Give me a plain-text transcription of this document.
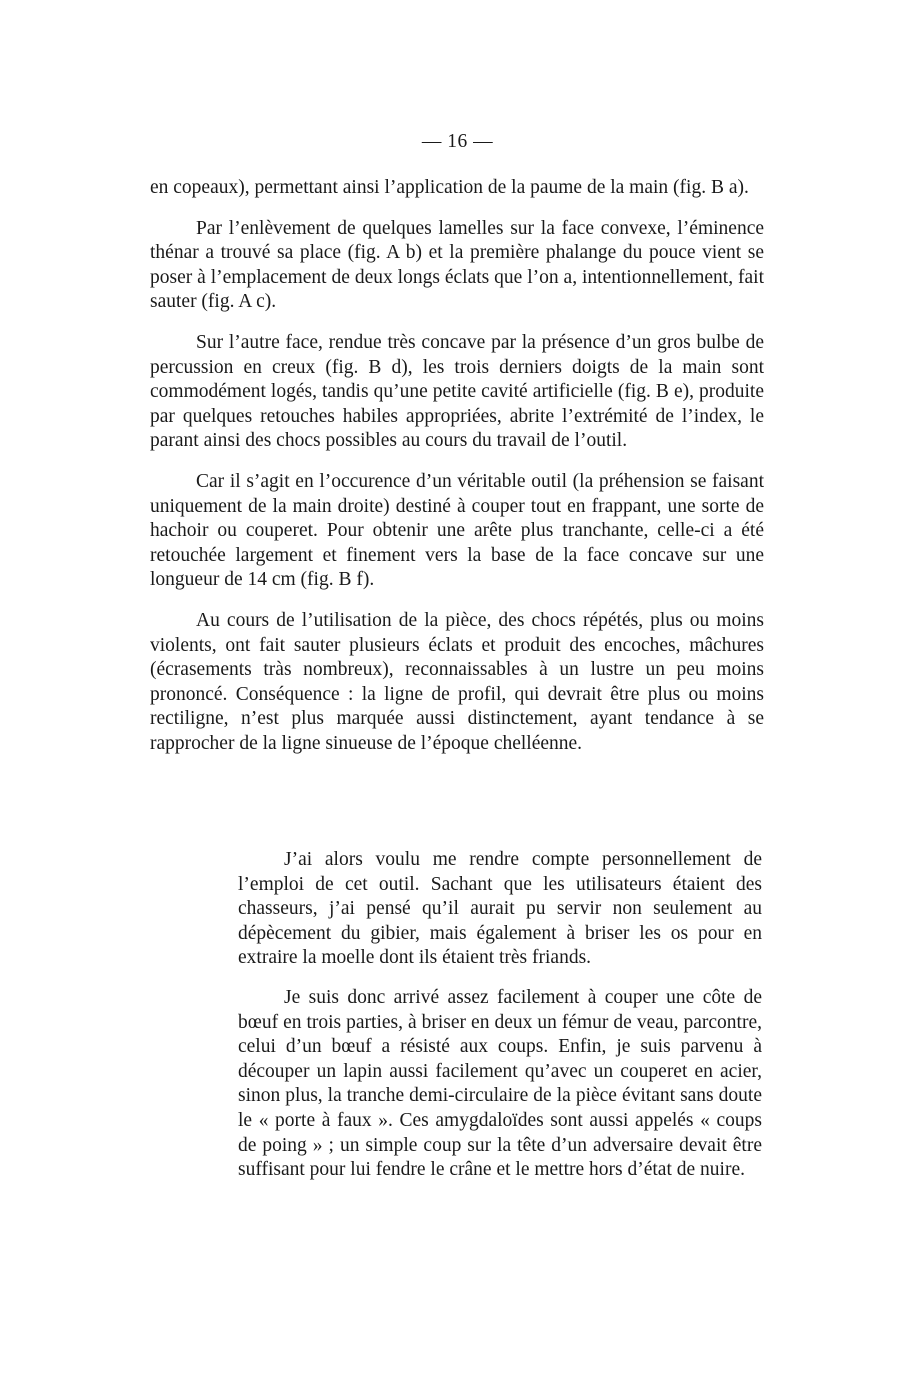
— 16 —

en copeaux), permettant ainsi l’application de la paume de la main (fig. B a).

Par l’enlèvement de quelques lamelles sur la face convexe, l’éminence thénar a trouvé sa place (fig. A b) et la première phalange du pouce vient se poser à l’emplacement de deux longs éclats que l’on a, intentionnellement, fait sauter (fig. A c).

Sur l’autre face, rendue très concave par la présence d’un gros bulbe de percussion en creux (fig. B d), les trois derniers doigts de la main sont commodément logés, tandis qu’une petite cavité artificielle (fig. B e), produite par quelques retouches habiles appropriées, abrite l’extrémité de l’index, le parant ainsi des chocs possibles au cours du travail de l’outil.

Car il s’agit en l’occurence d’un véritable outil (la préhension se faisant uniquement de la main droite) destiné à couper tout en frappant, une sorte de hachoir ou couperet. Pour obtenir une arête plus tranchante, celle-ci a été retouchée largement et finement vers la base de la face concave sur une longueur de 14 cm (fig. B f).

Au cours de l’utilisation de la pièce, des chocs répétés, plus ou moins violents, ont fait sauter plusieurs éclats et produit des encoches, mâchures (écrasements tràs nombreux), reconnaissables à un lustre un peu moins prononcé. Conséquence : la ligne de profil, qui devrait être plus ou moins rectiligne, n’est plus marquée aussi distinctement, ayant tendance à se rapprocher de la ligne sinueuse de l’époque chelléenne.

J’ai alors voulu me rendre compte personnellement de l’emploi de cet outil. Sachant que les utilisateurs étaient des chasseurs, j’ai pensé qu’il aurait pu servir non seulement au dépècement du gibier, mais également à briser les os pour en extraire la moelle dont ils étaient très friands.

Je suis donc arrivé assez facilement à couper une côte de bœuf en trois parties, à briser en deux un fémur de veau, parcontre, celui d’un bœuf a résisté aux coups. Enfin, je suis parvenu à découper un lapin aussi facilement qu’avec un couperet en acier, sinon plus, la tranche demi-circulaire de la pièce évitant sans doute le « porte à faux ». Ces amygdaloïdes sont aussi appelés « coups de poing » ; un simple coup sur la tête d’un adversaire devait être suffisant pour lui fendre le crâne et le mettre hors d’état de nuire.
